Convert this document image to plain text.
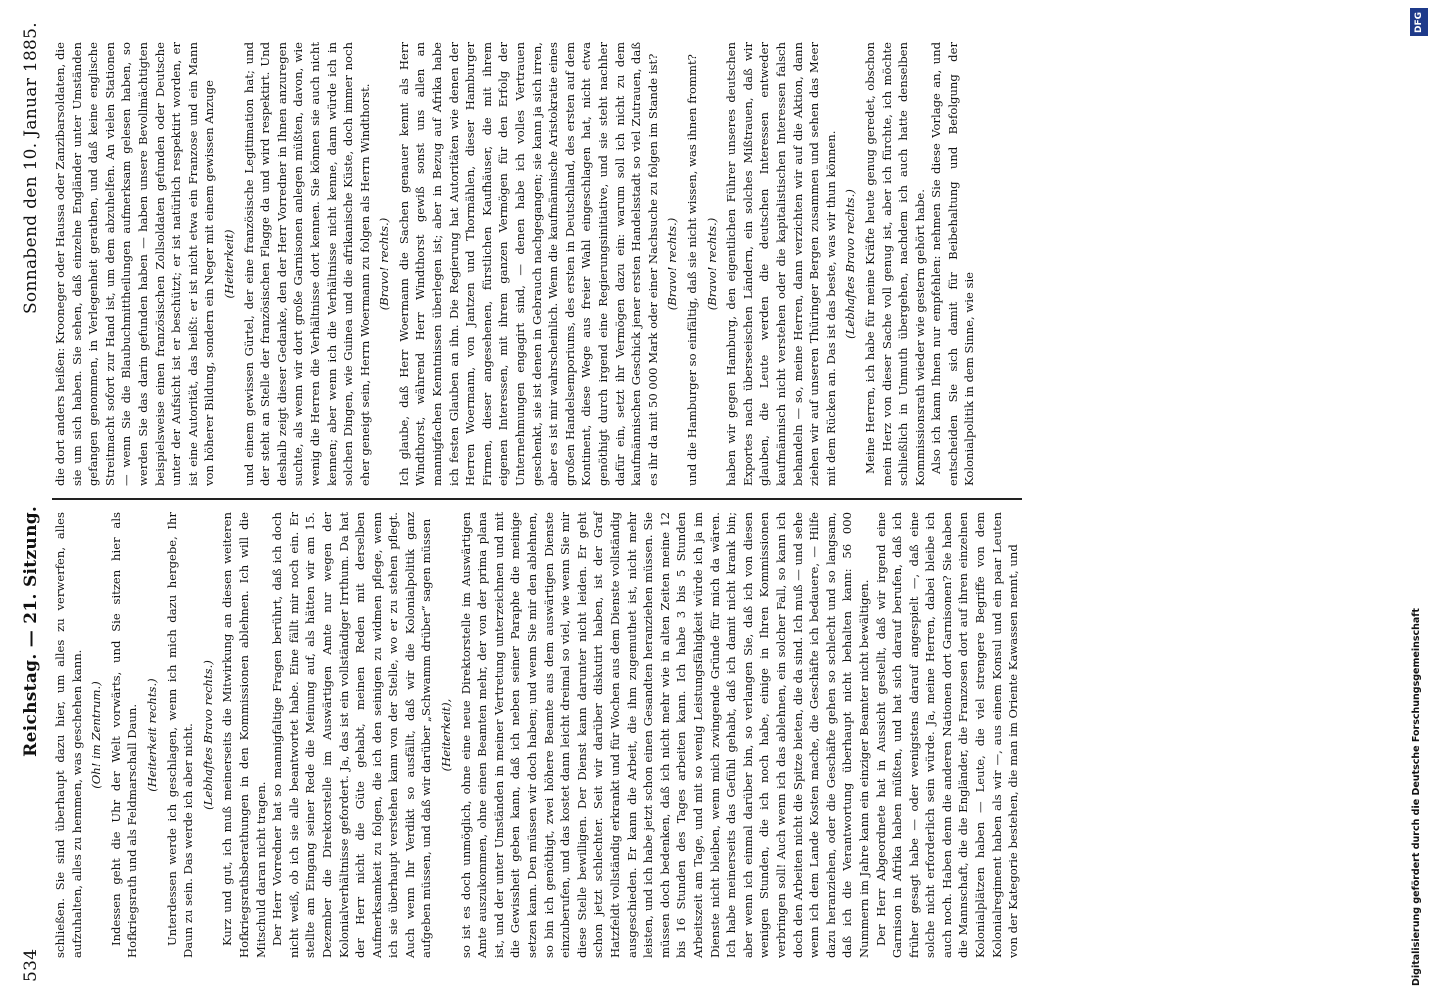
534
Reichstag. — 21. Sitzung.
Sonnabend den 10. Januar 1885.

schließen. Sie sind überhaupt dazu hier, um alles zu verwerfen, alles aufzuhalten, alles zu hemmen, was geschehen kann. (Oh! im Zentrum.) Indessen geht die Uhr der Welt vorwärts, und Sie sitzen hier als Hofkriegsrath und als Feldmarschall Daun. (Heiterkeit rechts.) Unterdessen werde ich geschlagen, wenn ich mich dazu hergebe, Ihr Daun zu sein. Das werde ich aber nicht. (Lebhaftes Bravo rechts.) Kurz und gut, ich muß meinerseits die Mitwirkung an diesen weiteren Hofkriegsrathsberathungen in den Kommissionen ablehnen. Ich will die Mitschuld daran nicht tragen. Der Herr Vorredner hat so mannigfaltige Fragen berührt, daß ich doch nicht weiß, ob ich sie alle beantwortet habe. Eine fällt mir noch ein. Er stellte am Eingang seiner Rede die Meinung auf, als hätten wir am 15. Dezember die Direktorstelle im Auswärtigen Amte nur wegen der Kolonialverhältnisse gefordert. Ja, das ist ein vollständiger Irrthum. Da hat der Herr nicht die Güte gehabt, meinen Reden mit derselben Aufmerksamkeit zu folgen, die ich den seinigen zu widmen pflege, wenn ich sie überhaupt verstehen kann von der Stelle, wo er zu stehen pflegt. Auch wenn Ihr Verdikt so ausfällt, daß wir die Kolonialpolitik ganz aufgeben müssen, und daß wir darüber „Schwamm drüber“ sagen müssen (Heiterkeit), so ist es doch unmöglich, ohne eine neue Direktorstelle im Auswärtigen Amte auszukommen, ohne einen Beamten mehr, der von der prima plana ist, und der unter Umständen in meiner Vertretung unterzeichnen und mit die Gewissheit geben kann, daß ich neben seiner Paraphe die meinige setzen kann. Den müssen wir doch haben; und wenn Sie mir den ablehnen, so bin ich genöthigt, zwei höhere Beamte aus dem auswärtigen Dienste einzuberufen, und das kostet dann leicht dreimal so viel, wie wenn Sie mir diese Stelle bewilligen. Der Dienst kann darunter nicht leiden. Er geht schon jetzt schlechter. Seit wir darüber diskutirt haben, ist der Graf Hatzfeldt vollständig erkrankt und für Wochen aus dem Dienste vollständig ausgeschieden. Er kann die Arbeit, die ihm zugemuthet ist, nicht mehr leisten, und ich habe jetzt schon einen Gesandten heranziehen müssen. Sie müssen doch bedenken, daß ich nicht mehr wie in alten Zeiten meine 12 bis 16 Stunden des Tages arbeiten kann. Ich habe 3 bis 5 Stunden Arbeitszeit am Tage, und mit so wenig Leistungsfähigkeit würde ich ja im Dienste nicht bleiben, wenn mich zwingende Gründe für mich da wären. Ich habe meinerseits das Gefühl gehabt, daß ich damit nicht krank bin; aber wenn ich einmal darüber bin, so verlangen Sie, daß ich von diesen wenigen Stunden, die ich noch habe, einige in Ihren Kommissionen verbringen soll! Auch wenn ich das ablehnen, ein solcher Fall, so kann ich doch den Arbeiten nicht die Spitze bieten, die da sind. Ich muß — und sehe wenn ich dem Lande Kosten mache, die Geschäfte ich bedauere, — Hilfe dazu heranziehen, oder die Geschäfte gehen so schlecht und so langsam, daß ich die Verantwortung überhaupt nicht behalten kann: 56 000 Nummern im Jahre kann ein einziger Beamter nicht bewältigen. Der Herr Abgeordnete hat in Aussicht gestellt, daß wir irgend eine Garnison in Afrika haben müßten, und hat sich darauf berufen, daß ich früher gesagt habe — oder wenigstens darauf angespielt —, daß eine solche nicht erforderlich sein würde. Ja, meine Herren, dabei bleibe ich auch noch. Haben denn die anderen Nationen dort Garnisonen? Sie haben die Mannschaft, die die Engländer, die Franzosen dort auf ihren einzelnen Kolonialplätzen haben — Leute, die viel strengere Begriffe von dem Kolonialregiment haben als wir —, aus einem Konsul und ein paar Leuten von der Kategorie bestehen, die man im Oriente Kawassen nennt, und

die dort anders heißen: Krooneger oder Haussa oder Zanzibarsoldaten, die sie um sich haben. Sie sehen, daß einzelne Engländer unter Umständen gefangen genommen, in Verlegenheit gerathen, und daß keine englische Streitmacht sofort zur Hand ist, um dem abzuhelfen. An vielen Stationen — wenn Sie die Blaubuchmittheilungen aufmerksam gelesen haben, so werden Sie das darin gefunden haben — haben unsere Bevollmächtigten beispielsweise einen französischen Zollsoldaten gefunden oder Deutsche unter der Aufsicht ist er beschützt; er ist natürlich respektirt worden, er ist eine Autorität, das heißt: er ist nicht etwa ein Franzose und ein Mann von höherer Bildung, sondern ein Neger mit einem gewissen Anzuge (Heiterkeit) und einem gewissen Gürtel, der eine französische Legitimation hat; und der steht an Stelle der französischen Flagge da und wird respektirt. Und deshalb zeigt dieser Gedanke, den der Herr Vorredner in Ihnen anzuregen suchte, als wenn wir dort große Garnisonen anlegen müßten, davon, wie wenig die Herren die Verhältnisse dort kennen. Sie können sie auch nicht kennen; aber wenn ich die Verhältnisse nicht kenne, dann würde ich in solchen Dingen, wie Guinea und die afrikanische Küste, doch immer noch eher geneigt sein, Herrn Woermann zu folgen als Herrn Windthorst. (Bravo! rechts.) Ich glaube, daß Herr Woermann die Sachen genauer kennt als Herr Windthorst, während Herr Windthorst gewiß sonst uns allen an mannigfachen Kenntnissen überlegen ist; aber in Bezug auf Afrika habe ich festen Glauben an ihn. Die Regierung hat Autoritäten wie denen der Herren Woermann, von Jantzen und Thormählen, dieser Hamburger Firmen, dieser angesehenen, fürstlichen Kaufhäuser, die mit ihrem eigenen Interessen, mit ihrem ganzen Vermögen für den Erfolg der Unternehmungen engagirt sind, — denen habe ich volles Vertrauen geschenkt, sie ist denen in Gebrauch nachgegangen; sie kann ja sich irren, aber es ist mir wahrscheinlich. Wenn die kaufmännische Aristokratie eines großen Handelsemporiums, des ersten in Deutschland, des ersten auf dem Kontinent, diese Wege aus freier Wahl eingeschlagen hat, nicht etwa genöthigt durch irgend eine Regierungsinitiative, und sie steht nachher dafür ein, setzt ihr Vermögen dazu ein: warum soll ich nicht zu dem kaufmännischen Geschick jener ersten Handelsstadt so viel Zutrauen, daß es ihr da mit 50 000 Mark oder einer Nachsuche zu folgen im Stande ist? (Bravo! rechts.) und die Hamburger so einfältig, daß sie nicht wissen, was ihnen frommt? (Bravo! rechts.) haben wir gegen Hamburg, den eigentlichen Führer unseres deutschen Exportes nach überseeischen Ländern, ein solches Mißtrauen, daß wir glauben, die Leute werden die deutschen Interessen entweder kaufmännisch nicht verstehen oder die kapitalistischen Interessen falsch behandeln — so, meine Herren, dann verzichten wir auf die Aktion, dann ziehen wir auf unseren Thüringer Bergen zusammen und sehen das Meer mit dem Rücken an. Das ist das beste, was wir thun können. (Lebhaftes Bravo rechts.) Meine Herren, ich habe für meine Kräfte heute genug geredet, obschon mein Herz von dieser Sache voll genug ist, aber ich fürchte, ich möchte schließlich in Unmuth übergehen, nachdem ich auch hatte denselben Kommissionsrath wieder wie gestern gehört habe. Also ich kann Ihnen nur empfehlen: nehmen Sie diese Vorlage an, und entscheiden Sie sich damit für Beibehaltung und Befolgung der Kolonialpolitik in dem Sinne, wie sie

DFG
Digitalisierung gefördert durch die Deutsche Forschungsgemeinschaft
